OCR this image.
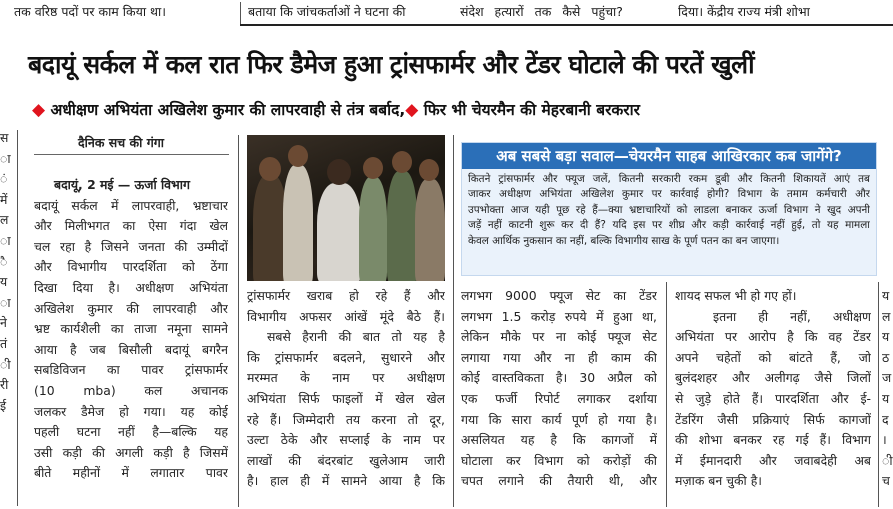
तक वरिष्ठ पदों पर काम किया था।	बताया कि जांचकर्ताओं ने घटना की	संदेश हत्यारों तक कैसे पहुंचा?	दिया। केंद्रीय राज्य मंत्री शोभा
बदायूं सर्कल में कल रात फिर डैमेज हुआ ट्रांसफार्मर और टेंडर घोटाले की परतें खुलीं
◆ अधीक्षण अभियंता अखिलेश कुमार की लापरवाही से तंत्र बर्बाद,◆ फिर भी चेयरमैन की मेहरबानी बरकरार
स
ा
ं
में
ल
ा
ै
य
ा
ने
तं
ी
री
ई
दैनिक सच की गंगा
बदायूं, 2 मई — ऊर्जा विभाग
बदायूं सर्कल में लापरवाही, भ्रष्टाचार
और मिलीभगत का ऐसा गंदा खेल
चल रहा है जिसने जनता की उम्मीदों
और विभागीय पारदर्शिता को ठेंगा
दिखा दिया है। अधीक्षण अभियंता
अखिलेश कुमार की लापरवाही और
भ्रष्ट कार्यशैली का ताजा नमूना सामने
आया है जब बिसौली बदायूं बगरैन
सबडिविजन का पावर ट्रांसफार्मर
(10 mba) कल अचानक
जलकर डैमेज हो गया। यह कोई
पहली घटना नहीं है—बल्कि यह
उसी कड़ी की अगली कड़ी है जिसमें
बीते महीनों में लगातार पावर
ट्रांसफार्मर खराब हो रहे हैं और
विभागीय अफसर आंखें मूंदे बैठे हैं।
सबसे हैरानी की बात तो यह है
कि ट्रांसफार्मर बदलने, सुधारने और
मरम्मत के नाम पर अधीक्षण
अभियंता सिर्फ फाइलों में खेल खेल
रहे हैं। जिम्मेदारी तय करना तो दूर,
उल्टा ठेके और सप्लाई के नाम पर
लाखों की बंदरबांट खुलेआम जारी
है। हाल ही में सामने आया है कि
अब सबसे बड़ा सवाल—चेयरमैन साहब आखिरकार कब जागेंगे?
कितने ट्रांसफार्मर और फ्यूज जलें, कितनी सरकारी रकम डूबी और कितनी शिकायतें आएं तब
जाकर अधीक्षण अभियंता अखिलेश कुमार पर कार्रवाई होगी? विभाग के तमाम कर्मचारी और
उपभोक्ता आज यही पूछ रहे हैं—क्या भ्रष्टाचारियों को लाडला बनाकर ऊर्जा विभाग ने खुद अपनी
जड़ें नहीं काटनी शुरू कर दी हैं? यदि इस पर शीघ्र और कड़ी कार्रवाई नहीं हुई, तो यह मामला
केवल आर्थिक नुकसान का नहीं, बल्कि विभागीय साख के पूर्ण पतन का बन जाएगा।
लगभग 9000 फ्यूज सेट का टेंडर
लगभग 1.5 करोड़ रुपये में हुआ था,
लेकिन मौके पर ना कोई फ्यूज सेट
लगाया गया और ना ही काम की
कोई वास्तविकता है। 30 अप्रैल को
एक फर्जी रिपोर्ट लगाकर दर्शाया
गया कि सारा कार्य पूर्ण हो गया है।
असलियत यह है कि कागजों में
घोटाला कर विभाग को करोड़ों की
चपत लगाने की तैयारी थी, और
शायद सफल भी हो गए हों।
इतना ही नहीं, अधीक्षण
अभियंता पर आरोप है कि वह टेंडर
अपने चहेतों को बांटते हैं, जो
बुलंदशहर और अलीगढ़ जैसे जिलों
से जुड़े होते हैं। पारदर्शिता और ई-
टेंडरिंग जैसी प्रक्रियाएं सिर्फ कागजों
की शोभा बनकर रह गई हैं। विभाग
में ईमानदारी और जवाबदेही अब
मज़ाक बन चुकी है।
य
ल
य
ठ
ज
य
द
।
ी
च
